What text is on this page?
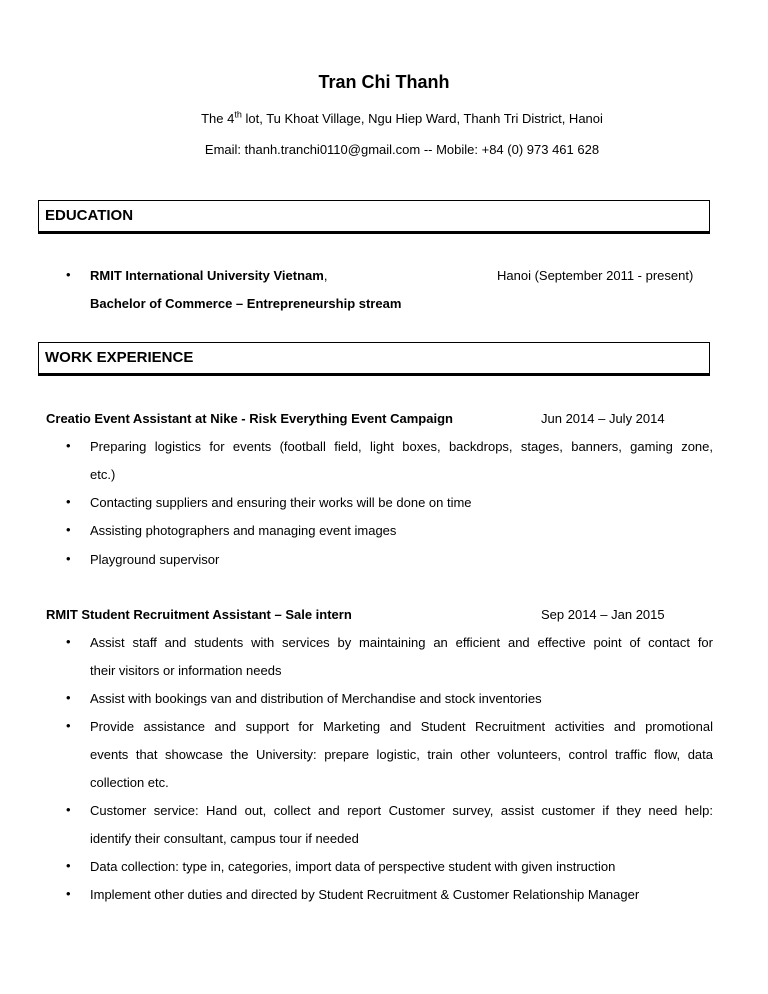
Tran Chi Thanh
The 4th lot, Tu Khoat Village, Ngu Hiep Ward, Thanh Tri District, Hanoi
Email: thanh.tranchi0110@gmail.com -- Mobile: +84 (0) 973 461 628
EDUCATION
• RMIT International University Vietnam,	Hanoi (September 2011 - present)
Bachelor of Commerce – Entrepreneurship stream
WORK EXPERIENCE
Creatio Event Assistant at Nike - Risk Everything Event Campaign	Jun 2014 – July 2014
• Preparing logistics for events (football field, light boxes, backdrops, stages, banners, gaming zone,
etc.)
• Contacting suppliers and ensuring their works will be done on time
• Assisting photographers and managing event images
• Playground supervisor
RMIT Student Recruitment Assistant – Sale intern	Sep 2014 – Jan 2015
• Assist staff and students with services by maintaining an efficient and effective point of contact for
their visitors or information needs
• Assist with bookings van and distribution of Merchandise and stock inventories
• Provide assistance and support for Marketing and Student Recruitment activities and promotional
events that showcase the University: prepare logistic, train other volunteers, control traffic flow, data
collection etc.
• Customer service: Hand out, collect and report Customer survey, assist customer if they need help:
identify their consultant, campus tour if needed
• Data collection: type in, categories, import data of perspective student with given instruction
• Implement other duties and directed by Student Recruitment & Customer Relationship Manager
